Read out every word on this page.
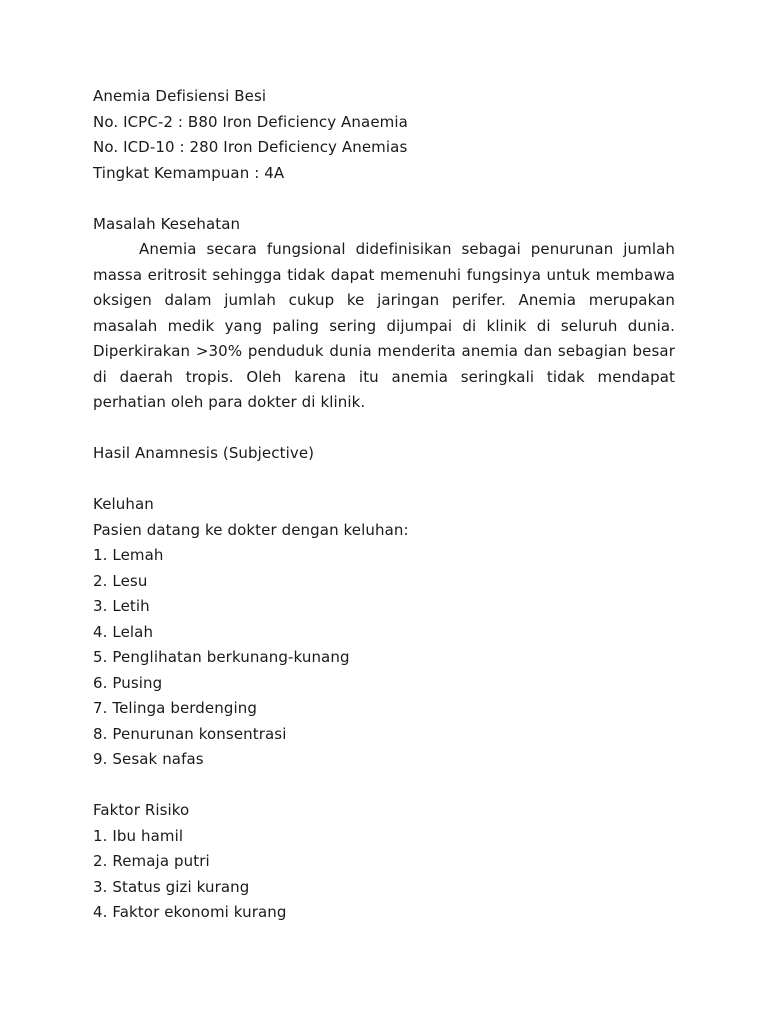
Anemia Defisiensi Besi
No. ICPC-2 : B80 Iron Deficiency Anaemia
No. ICD-10 : 280 Iron Deficiency Anemias
Tingkat Kemampuan : 4A
Masalah Kesehatan

Anemia secara fungsional didefinisikan sebagai penurunan jumlah massa eritrosit sehingga tidak dapat memenuhi fungsinya untuk membawa oksigen dalam jumlah cukup ke jaringan perifer. Anemia merupakan masalah medik yang paling sering dijumpai di klinik di seluruh dunia. Diperkirakan >30% penduduk dunia menderita anemia dan sebagian besar di daerah tropis. Oleh karena itu anemia seringkali tidak mendapat perhatian oleh para dokter di klinik.

Hasil Anamnesis (Subjective)
Keluhan
Pasien datang ke dokter dengan keluhan:
1. Lemah
2. Lesu
3. Letih
4. Lelah
5. Penglihatan berkunang-kunang
6. Pusing
7. Telinga berdenging
8. Penurunan konsentrasi
9. Sesak nafas
Faktor Risiko
1. Ibu hamil
2. Remaja putri
3. Status gizi kurang
4. Faktor ekonomi kurang
